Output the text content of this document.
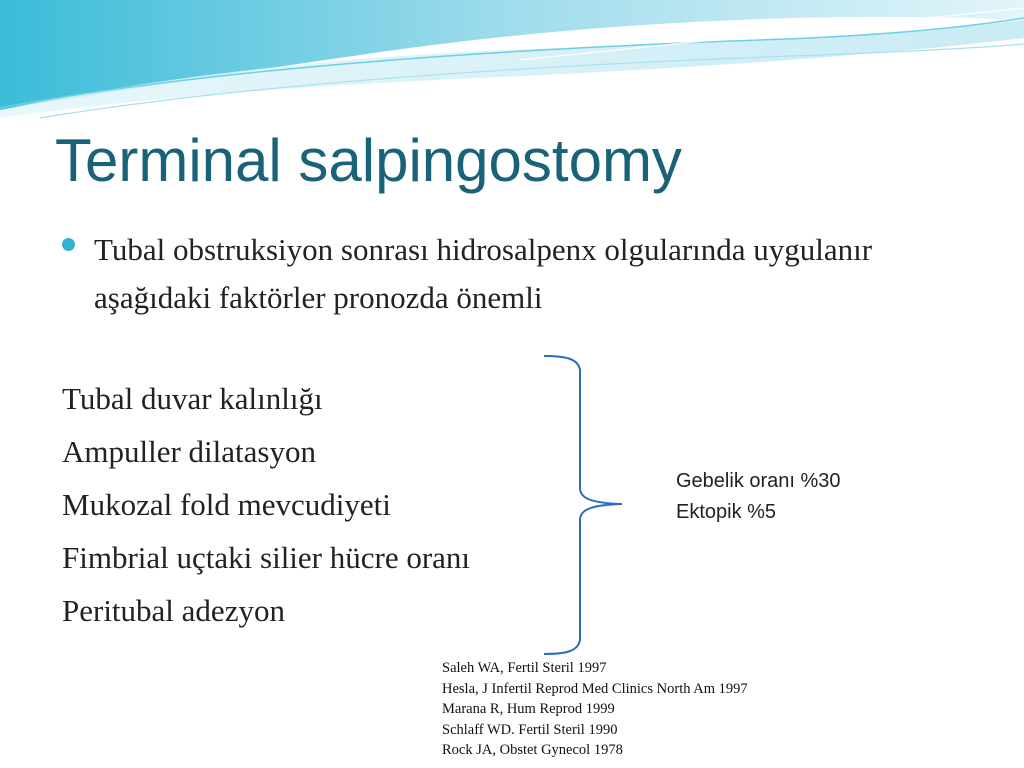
Terminal salpingostomy
Tubal obstruksiyon sonrası hidrosalpenx olgularında uygulanır aşağıdaki faktörler pronozda önemli
Tubal duvar kalınlığı
Ampuller dilatasyon
Mukozal fold mevcudiyeti
Fimbrial uçtaki silier hücre oranı
Peritubal adezyon
Gebelik oranı %30
Ektopik %5
Saleh WA, Fertil Steril 1997
Hesla, J Infertil Reprod Med Clinics North Am 1997
Marana R, Hum Reprod 1999
Schlaff WD. Fertil Steril 1990
Rock JA, Obstet Gynecol 1978
